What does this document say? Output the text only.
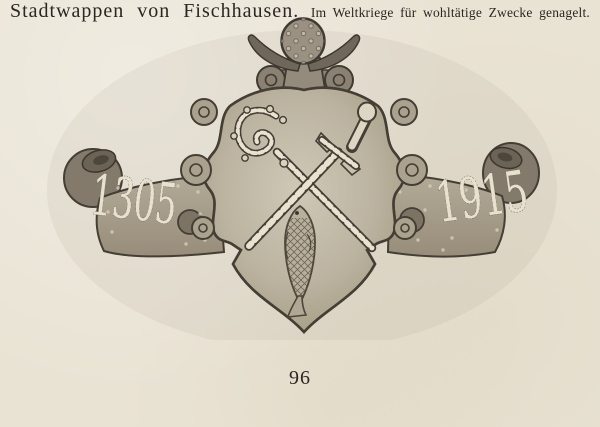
1305	1915
Stadtwappen von Fischhausen. Im Weltkriege für wohltätige Zwecke genagelt.
96
